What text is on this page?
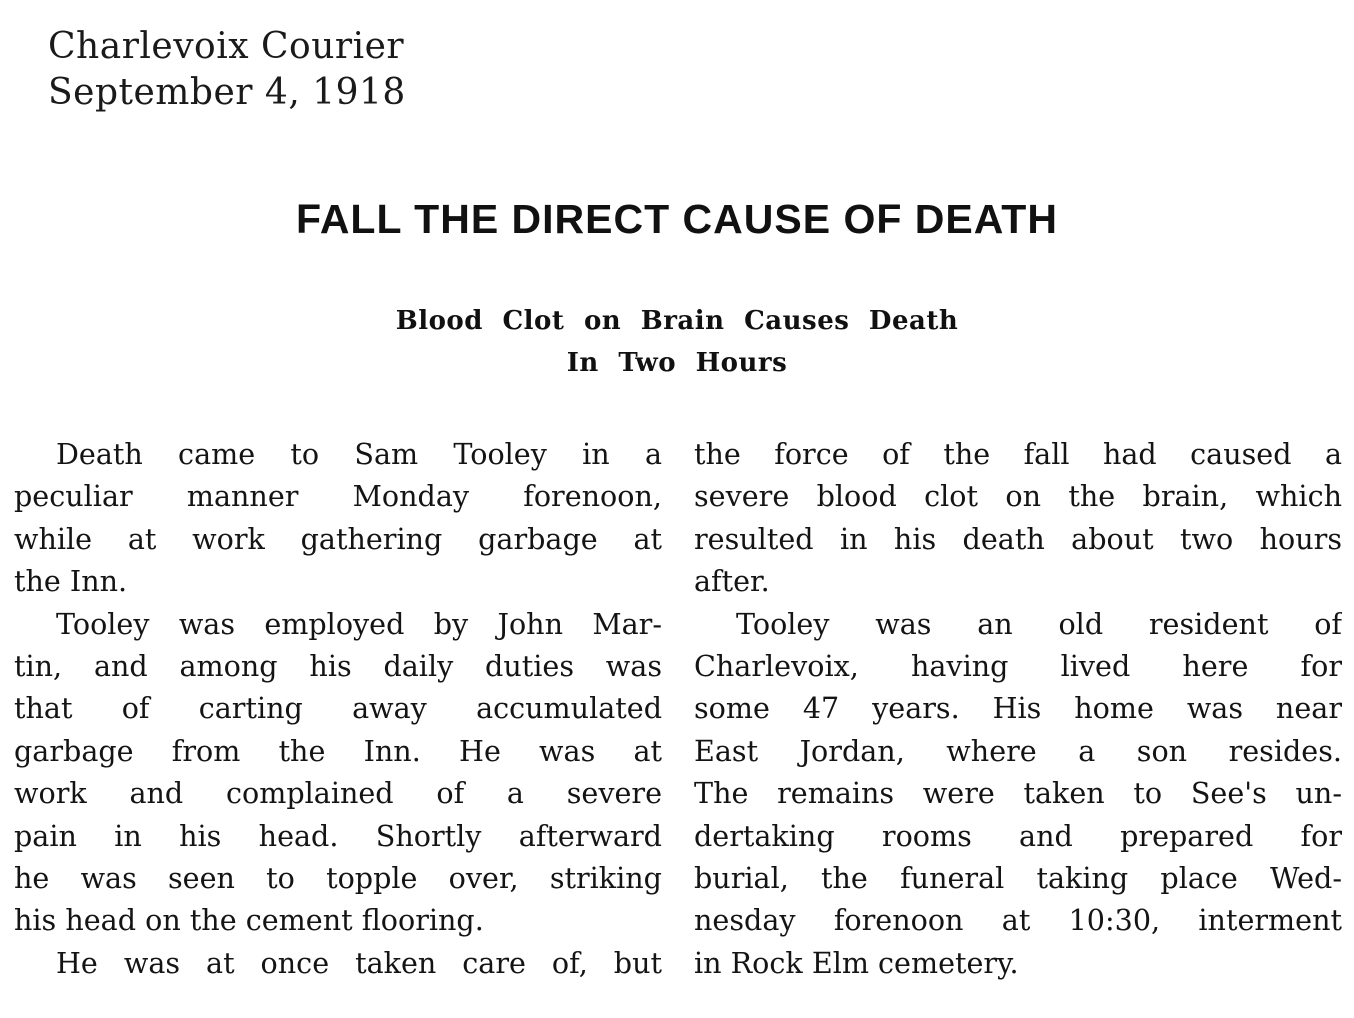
Charlevoix Courier
September 4, 1918
FALL THE DIRECT CAUSE OF DEATH
Blood Clot on Brain Causes Death
In Two Hours
Death came to Sam Tooley in a
peculiar manner Monday forenoon,
while at work gathering garbage at
the Inn.
Tooley was employed by John Mar-
tin, and among his daily duties was
that of carting away accumulated
garbage from the Inn. He was at
work and complained of a severe
pain in his head. Shortly afterward
he was seen to topple over, striking
his head on the cement flooring.
He was at once taken care of, but
the force of the fall had caused a
severe blood clot on the brain, which
resulted in his death about two hours
after.
Tooley was an old resident of
Charlevoix, having lived here for
some 47 years. His home was near
East Jordan, where a son resides.
The remains were taken to See's un-
dertaking rooms and prepared for
burial, the funeral taking place Wed-
nesday forenoon at 10:30, interment
in Rock Elm cemetery.
